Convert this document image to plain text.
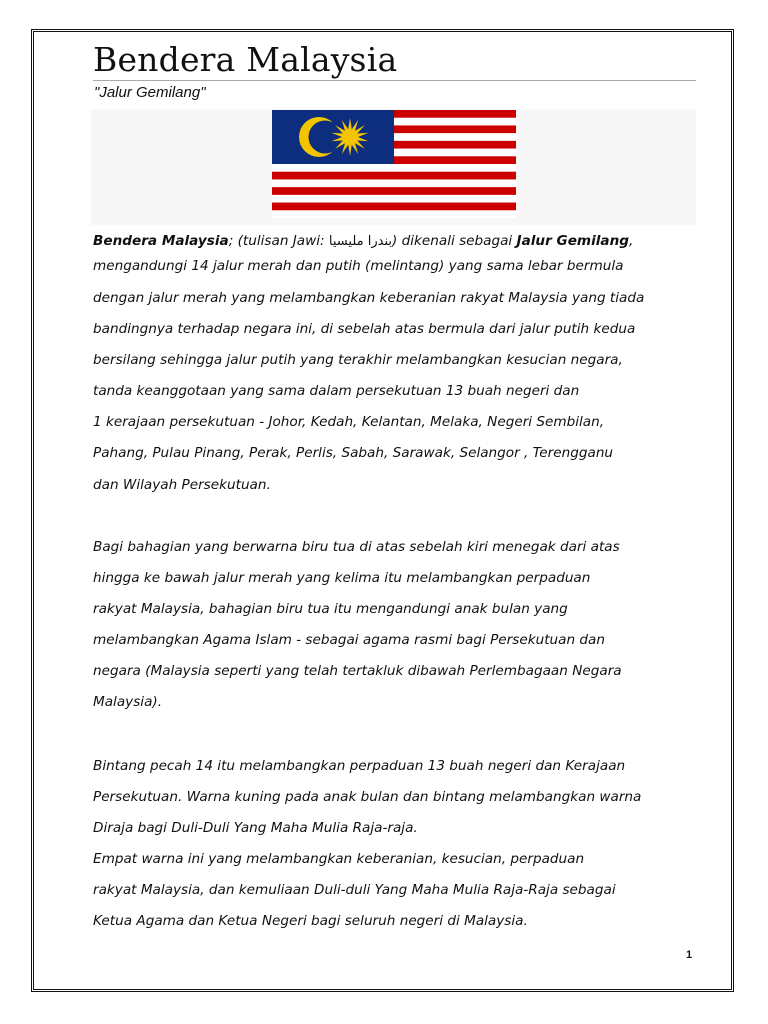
Bendera Malaysia
"Jalur Gemilang"
Bendera Malaysia; (tulisan Jawi: بندرا مليسيا) dikenali sebagai Jalur Gemilang,
mengandungi 14 jalur merah dan putih (melintang) yang sama lebar bermula
dengan jalur merah yang melambangkan keberanian rakyat Malaysia yang tiada
bandingnya terhadap negara ini, di sebelah atas bermula dari jalur putih kedua
bersilang sehingga jalur putih yang terakhir melambangkan kesucian negara,
tanda keanggotaan yang sama dalam persekutuan 13 buah negeri dan
1 kerajaan persekutuan - Johor, Kedah, Kelantan, Melaka, Negeri Sembilan,
Pahang, Pulau Pinang, Perak, Perlis, Sabah, Sarawak, Selangor , Terengganu
dan Wilayah Persekutuan.
Bagi bahagian yang berwarna biru tua di atas sebelah kiri menegak dari atas
hingga ke bawah jalur merah yang kelima itu melambangkan perpaduan
rakyat Malaysia, bahagian biru tua itu mengandungi anak bulan yang
melambangkan Agama Islam - sebagai agama rasmi bagi Persekutuan dan
negara (Malaysia seperti yang telah tertakluk dibawah Perlembagaan Negara
Malaysia).
Bintang pecah 14 itu melambangkan perpaduan 13 buah negeri dan Kerajaan
Persekutuan. Warna kuning pada anak bulan dan bintang melambangkan warna
Diraja bagi Duli-Duli Yang Maha Mulia Raja-raja.
Empat warna ini yang melambangkan keberanian, kesucian, perpaduan
rakyat Malaysia, dan kemuliaan Duli-duli Yang Maha Mulia Raja-Raja sebagai
Ketua Agama dan Ketua Negeri bagi seluruh negeri di Malaysia.
1
